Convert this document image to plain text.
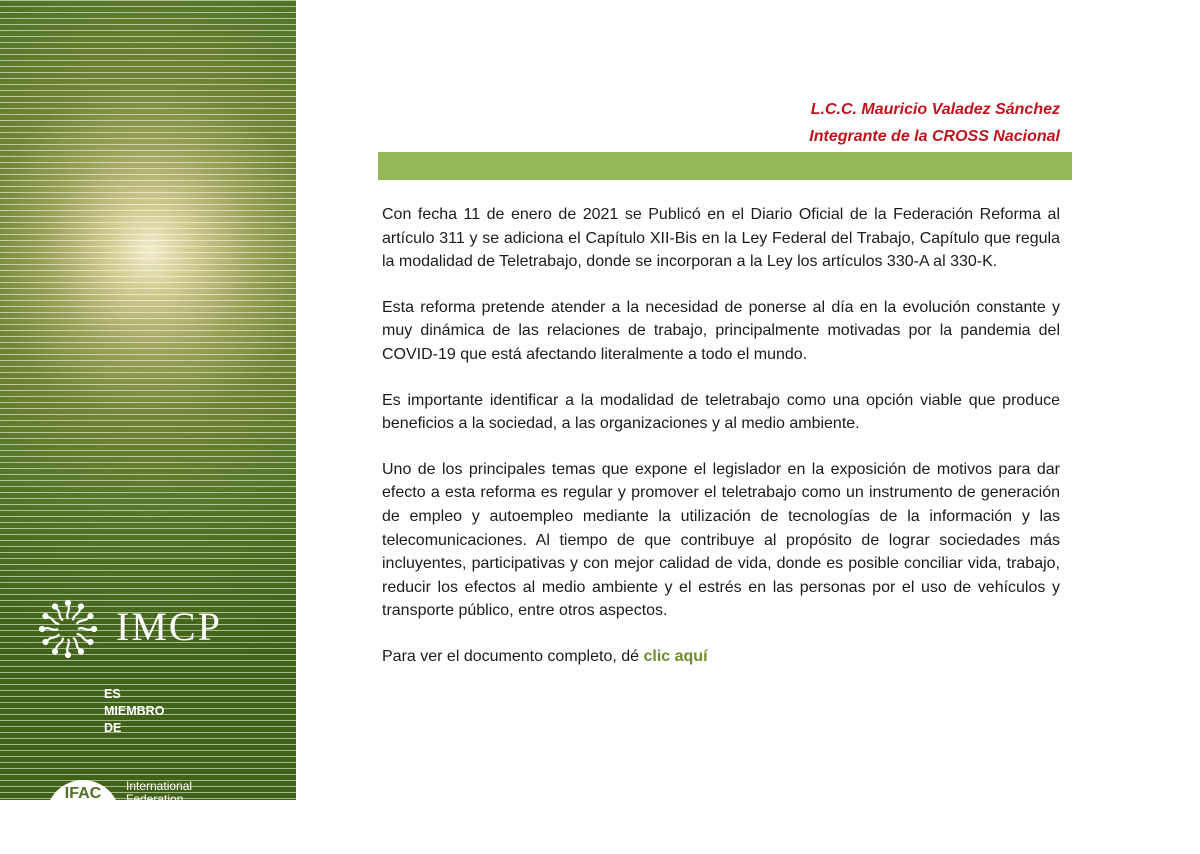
IMCP
ES
MIEMBRO
DE
IFAC	International
Federation
of Accountants
L.C.C. Mauricio Valadez Sánchez
Integrante de la CROSS Nacional

Con fecha 11 de enero de 2021 se Publicó en el Diario Oficial de la Federación Reforma al artículo 311 y se adiciona el Capítulo XII-Bis en la Ley Federal del Trabajo, Capítulo que regula la modalidad de Teletrabajo, donde se incorporan a la Ley los artículos 330-A al 330-K.

Esta reforma pretende atender a la necesidad de ponerse al día en la evolución constante y muy dinámica de las relaciones de trabajo, principalmente motivadas por la pandemia del COVID-19 que está afectando literalmente a todo el mundo.

Es importante identificar a la modalidad de teletrabajo como una opción viable que produce beneficios a la sociedad, a las organizaciones y al medio ambiente.

Uno de los principales temas que expone el legislador en la exposición de motivos para dar efecto a esta reforma es regular y promover el teletrabajo como un instrumento de generación de empleo y autoempleo mediante la utilización de tecnologías de la información y las telecomunicaciones. Al tiempo de que contribuye al propósito de lograr sociedades más incluyentes, participativas y con mejor calidad de vida, donde es posible conciliar vida, trabajo, reducir los efectos al medio ambiente y el estrés en las personas por el uso de vehículos y transporte público, entre otros aspectos.

Para ver el documento completo, dé clic aquí
